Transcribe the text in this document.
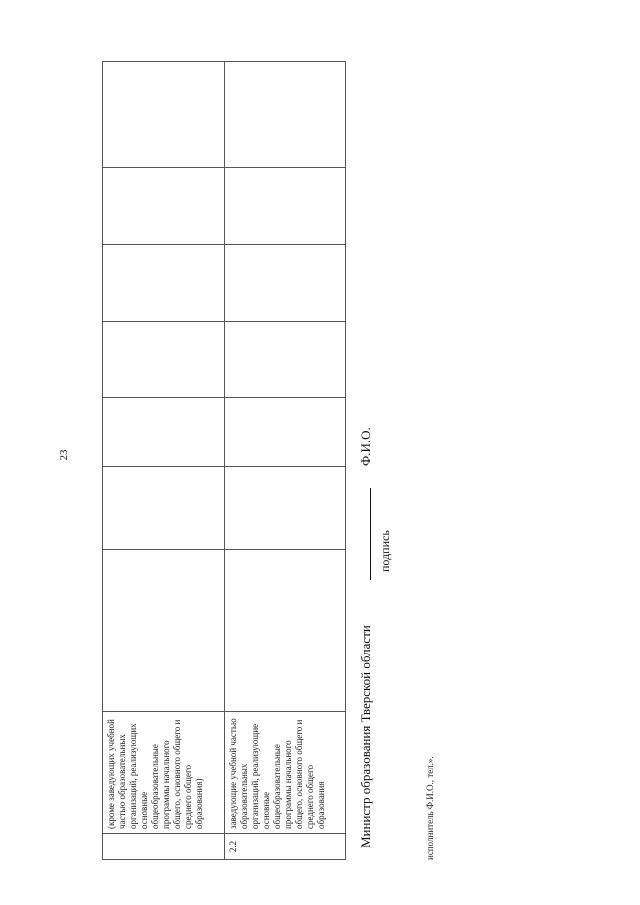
23
	(кроме заведующих учебной частью образовательных организаций, реализующих основные общеобразовательные программы начального общего, основного общего и среднего общего образования)							
2.2	заведующие учебной частью образовательных организаций, реализующие основные общеобразовательные программы начального общего, основного общего и среднего общего образования								Министр образования Тверской области
подпись
Ф.И.О.
исполнитель Ф.И.О., тел.».
